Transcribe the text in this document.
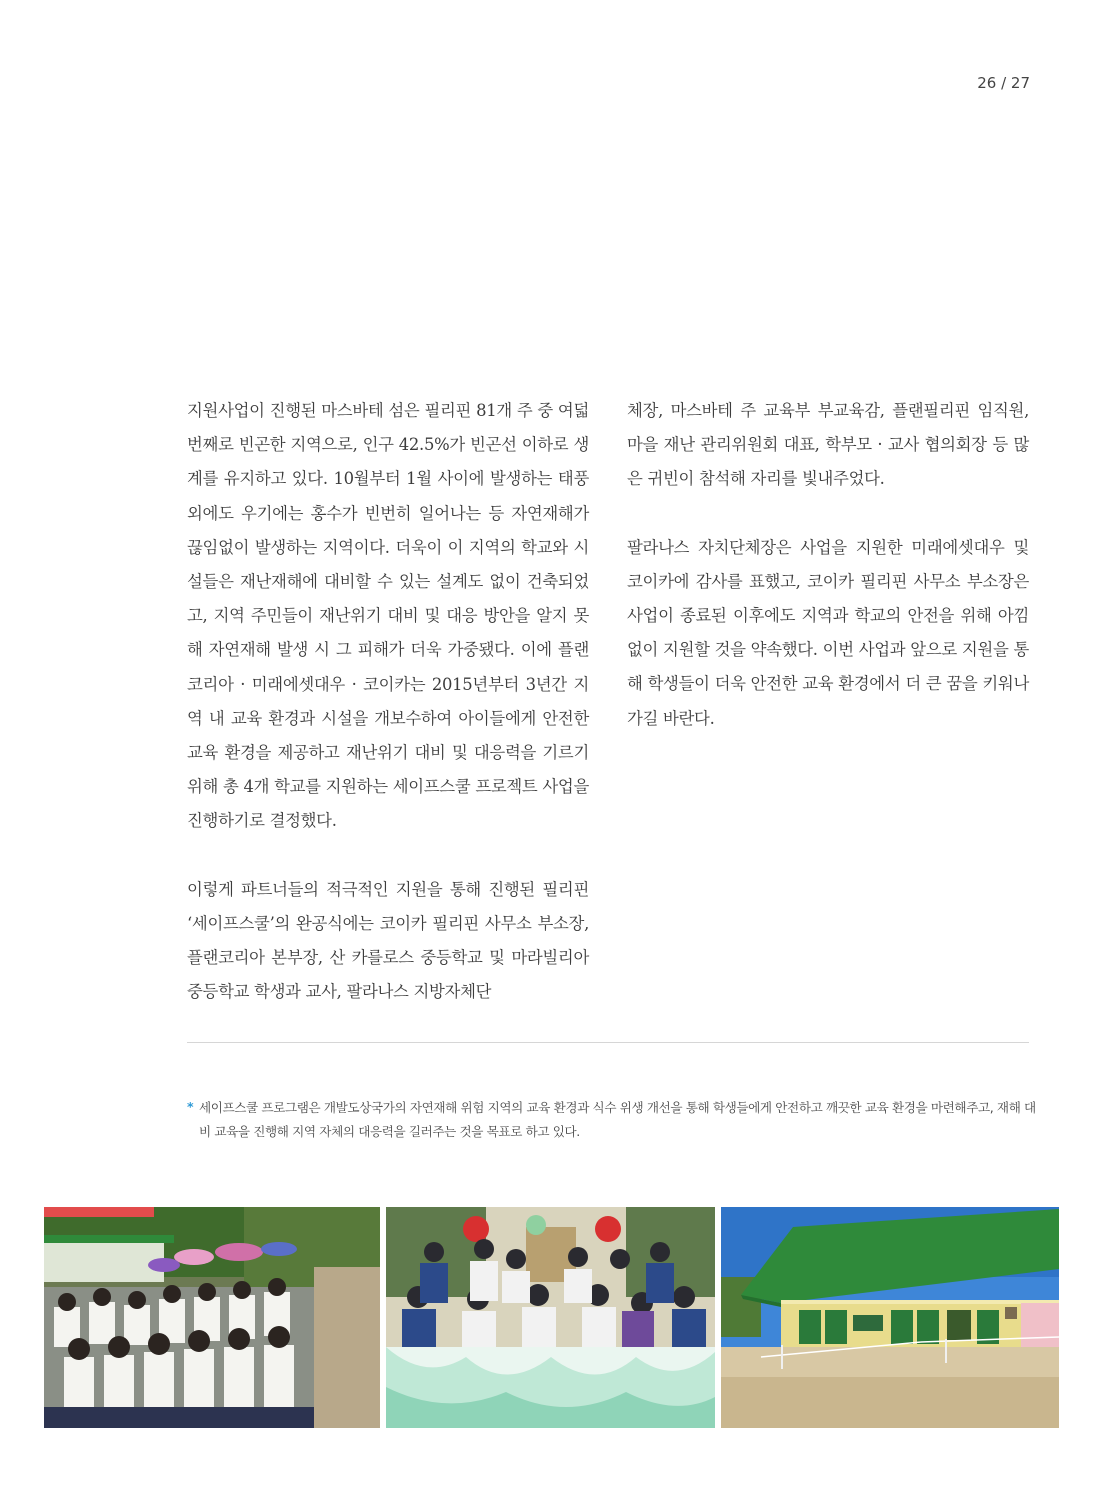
26 / 27

지원사업이 진행된 마스바테 섬은 필리핀 81개 주 중 여덟 번째로 빈곤한 지역으로, 인구 42.5%가 빈곤선 이하로 생계를 유지하고 있다. 10월부터 1월 사이에 발생하는 태풍 외에도 우기에는 홍수가 빈번히 일어나는 등 자연재해가 끊임없이 발생하는 지역이다. 더욱이 이 지역의 학교와 시설들은 재난재해에 대비할 수 있는 설계도 없이 건축되었고, 지역 주민들이 재난위기 대비 및 대응 방안을 알지 못해 자연재해 발생 시 그 피해가 더욱 가중됐다. 이에 플랜코리아 · 미래에셋대우 · 코이카는 2015년부터 3년간 지역 내 교육 환경과 시설을 개보수하여 아이들에게 안전한 교육 환경을 제공하고 재난위기 대비 및 대응력을 기르기 위해 총 4개 학교를 지원하는 세이프스쿨 프로젝트 사업을 진행하기로 결정했다.

이렇게 파트너들의 적극적인 지원을 통해 진행된 필리핀 ‘세이프스쿨’의 완공식에는 코이카 필리핀 사무소 부소장, 플랜코리아 본부장, 산 카를로스 중등학교 및 마라빌리아 중등학교 학생과 교사, 팔라나스 지방자체단

체장, 마스바테 주 교육부 부교육감, 플랜필리핀 임직원, 마을 재난 관리위원회 대표, 학부모 · 교사 협의회장 등 많은 귀빈이 참석해 자리를 빛내주었다.

팔라나스 자치단체장은 사업을 지원한 미래에셋대우 및 코이카에 감사를 표했고, 코이카 필리핀 사무소 부소장은 사업이 종료된 이후에도 지역과 학교의 안전을 위해 아낌없이 지원할 것을 약속했다. 이번 사업과 앞으로 지원을 통해 학생들이 더욱 안전한 교육 환경에서 더 큰 꿈을 키워나가길 바란다.

* 세이프스쿨 프로그램은 개발도상국가의 자연재해 위험 지역의 교육 환경과 식수 위생 개선을 통해 학생들에게 안전하고 깨끗한 교육 환경을 마련해주고, 재해 대비 교육을 진행해 지역 자체의 대응력을 길러주는 것을 목표로 하고 있다.
